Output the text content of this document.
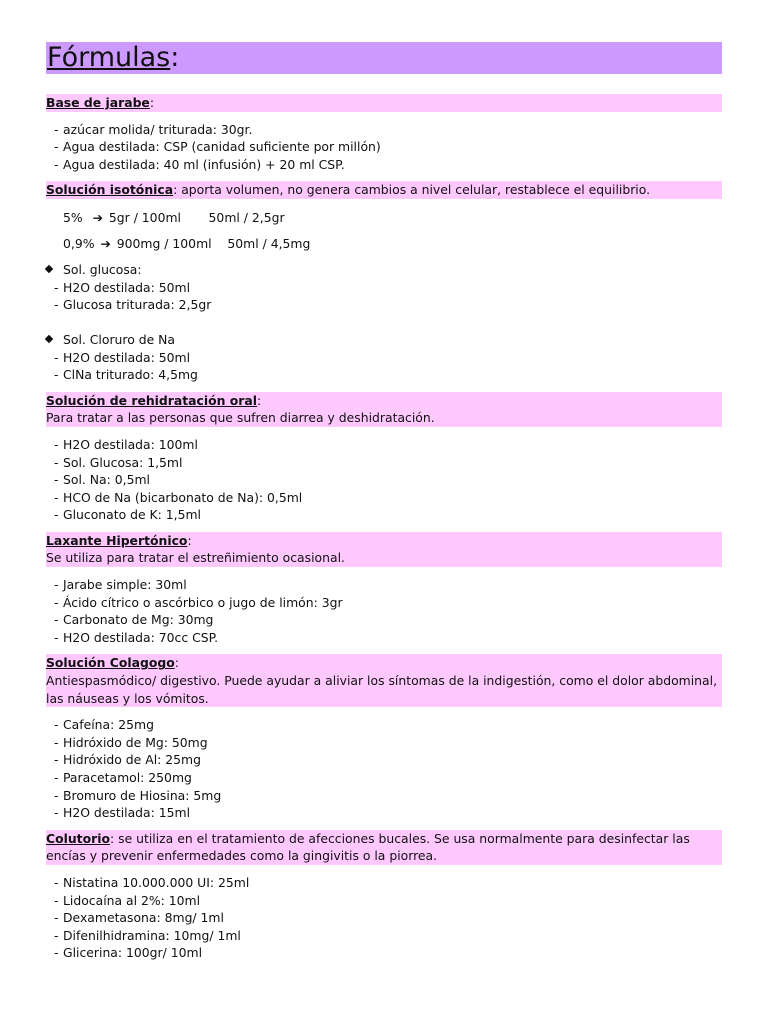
Fórmulas:
Base de jarabe:
- azúcar molida/ triturada: 30gr.
- Agua destilada: CSP (canidad suficiente por millón)
- Agua destilada: 40 ml (infusión) + 20 ml CSP.
Solución isotónica: aporta volumen, no genera cambios a nivel celular, restablece el equilibrio.
5% ➔ 5gr / 100ml 50ml / 2,5gr
0,9% ➔ 900mg / 100ml 50ml / 4,5mg
Sol. glucosa:
- H2O destilada: 50ml
- Glucosa triturada: 2,5gr
Sol. Cloruro de Na
- H2O destilada: 50ml
- ClNa triturado: 4,5mg
Solución de rehidratación oral:
Para tratar a las personas que sufren diarrea y deshidratación.
- H2O destilada: 100ml
- Sol. Glucosa: 1,5ml
- Sol. Na: 0,5ml
- HCO de Na (bicarbonato de Na): 0,5ml
- Gluconato de K: 1,5ml
Laxante Hipertónico:
Se utiliza para tratar el estreñimiento ocasional.
- Jarabe simple: 30ml
- Ácido cítrico o ascórbico o jugo de limón: 3gr
- Carbonato de Mg: 30mg
- H2O destilada: 70cc CSP.
Solución Colagogo:
Antiespasmódico/ digestivo. Puede ayudar a aliviar los síntomas de la indigestión, como el dolor abdominal, las náuseas y los vómitos.
- Cafeína: 25mg
- Hidróxido de Mg: 50mg
- Hidróxido de Al: 25mg
- Paracetamol: 250mg
- Bromuro de Hiosina: 5mg
- H2O destilada: 15ml
Colutorio: se utiliza en el tratamiento de afecciones bucales. Se usa normalmente para desinfectar las encías y prevenir enfermedades como la gingivitis o la piorrea.
- Nistatina 10.000.000 UI: 25ml
- Lidocaína al 2%: 10ml
- Dexametasona: 8mg/ 1ml
- Difenilhidramina: 10mg/ 1ml
- Glicerina: 100gr/ 10ml
